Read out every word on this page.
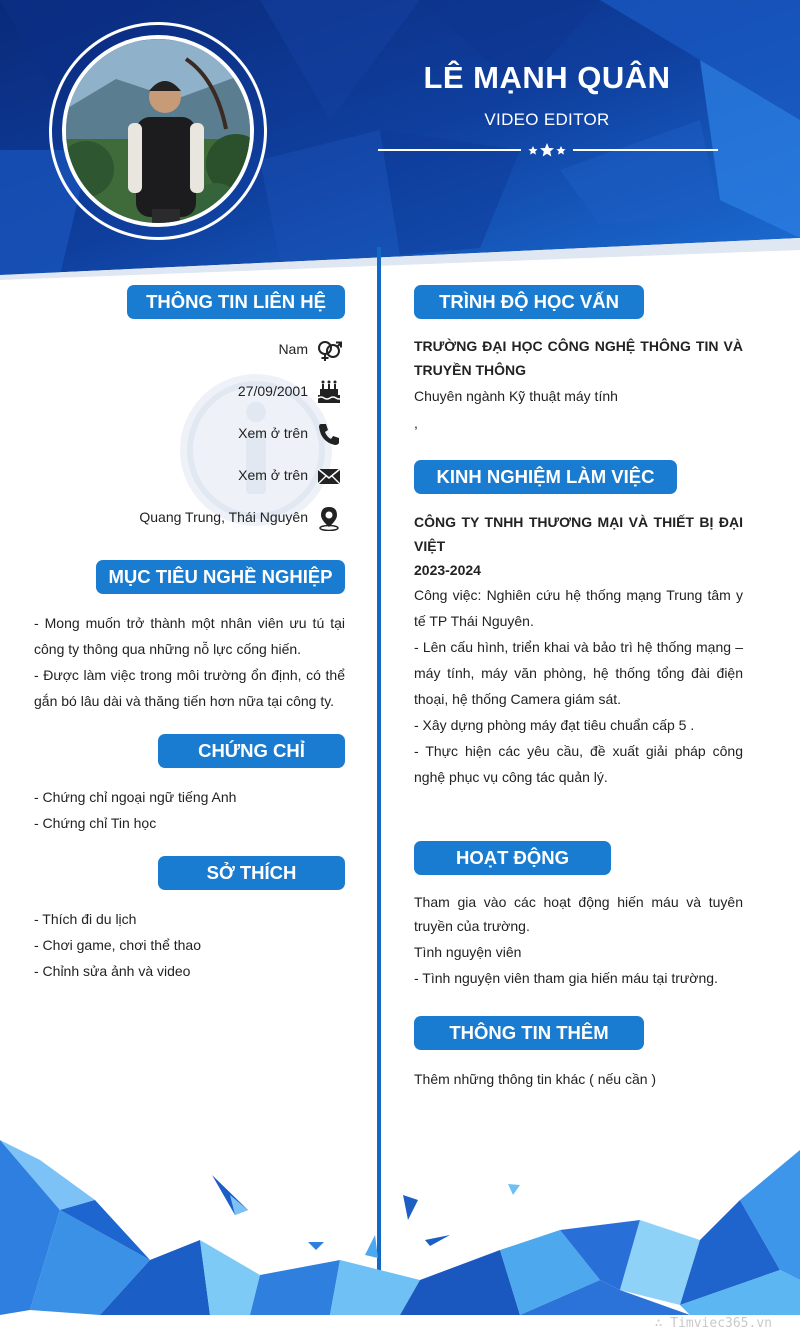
LÊ MẠNH QUÂN
VIDEO EDITOR
THÔNG TIN LIÊN HỆ
Nam
27/09/2001
Xem ở trên
Xem ở trên
Quang Trung, Thái Nguyên
MỤC TIÊU NGHỀ NGHIỆP
- Mong muốn trở thành một nhân viên ưu tú tại công ty thông qua những nỗ lực cống hiến.
- Được làm việc trong môi trường ổn định, có thể gắn bó lâu dài và thăng tiến hơn nữa tại công ty.
CHỨNG CHỈ
- Chứng chỉ ngoại ngữ tiếng Anh
- Chứng chỉ Tin học
SỞ THÍCH
- Thích đi du lịch
- Chơi game, chơi thể thao
- Chỉnh sửa ảnh và video
TRÌNH ĐỘ HỌC VẤN
TRƯỜNG ĐẠI HỌC CÔNG NGHỆ THÔNG TIN VÀ TRUYỀN THÔNG
Chuyên ngành Kỹ thuật máy tính
,
KINH NGHIỆM LÀM VIỆC
CÔNG TY TNHH THƯƠNG MẠI VÀ THIẾT BỊ ĐẠI VIỆT
2023-2024
Công việc: Nghiên cứu hệ thống mạng Trung tâm y tế TP Thái Nguyên.
- Lên cấu hình, triển khai và bảo trì hệ thống mạng – máy tính, máy văn phòng, hệ thống tổng đài điện thoại, hệ thống Camera giám sát.
- Xây dựng phòng máy đạt tiêu chuẩn cấp 5 .
- Thực hiện các yêu cầu, đề xuất giải pháp công nghệ phục vụ công tác quản lý.
HOẠT ĐỘNG
Tham gia vào các hoạt động hiến máu và tuyên truyền của trường.
Tình nguyện viên
- Tình nguyện viên tham gia hiến máu tại trường.
THÔNG TIN THÊM
Thêm những thông tin khác ( nếu cần )
∴ Timviec365.vn
